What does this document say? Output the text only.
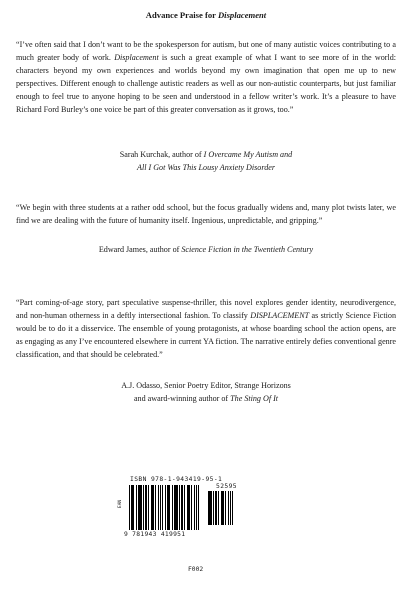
Advance Praise for Displacement

“I’ve often said that I don’t want to be the spokesperson for autism, but one of many autistic voices contributing to a much greater body of work. Displacement is such a great example of what I want to see more of in the world: characters beyond my own experiences and worlds beyond my own imagination that open me up to new perspectives. Different enough to challenge autistic readers as well as our non-autistic counterparts, but just familiar enough to feel true to anyone hoping to be seen and understood in a fellow writer’s work. It’s a pleasure to have Richard Ford Burley’s one voice be part of this greater conversation as it grows, too.”

Sarah Kurchak, author of I Overcame My Autism and
All I Got Was This Lousy Anxiety Disorder

“We begin with three students at a rather odd school, but the focus gradually widens and, many plot twists later, we find we are dealing with the future of humanity itself. Ingenious, unpredictable, and gripping.”

Edward James, author of Science Fiction in the Twentieth Century

“Part coming-of-age story, part speculative suspense-thriller, this novel explores gender identity, neurodivergence, and non-human otherness in a deftly intersectional fashion. To classify DISPLACEMENT as strictly Science Fiction would be to do it a disservice. The ensemble of young protagonists, at whose boarding school the action opens, are as engaging as any I’ve encountered elsewhere in current YA fiction. The narrative entirely defies conventional genre classification, and that should be celebrated.”

A.J. Odasso, Senior Poetry Editor, Strange Horizons
and award-winning author of The Sting Of It
ISBN 978-1-943419-95-1
52595
EAN
9 781943 419951
F002
